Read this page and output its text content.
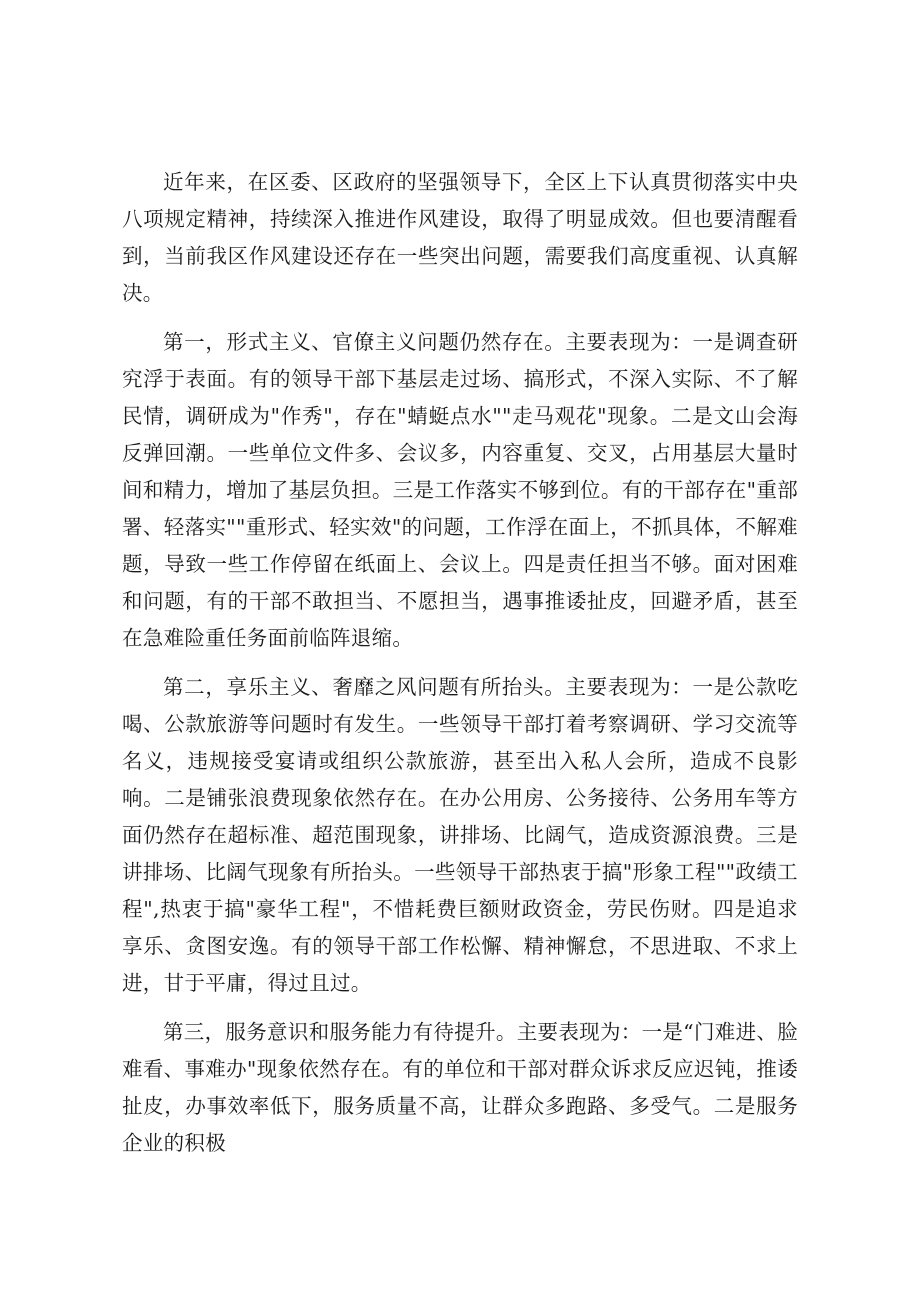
近年来，在区委、区政府的坚强领导下，全区上下认真贯彻落实中央八项规定精神，持续深入推进作风建设，取得了明显成效。但也要清醒看到，当前我区作风建设还存在一些突出问题，需要我们高度重视、认真解决。

第一，形式主义、官僚主义问题仍然存在。主要表现为：一是调查研究浮于表面。有的领导干部下基层走过场、搞形式，不深入实际、不了解民情，调研成为"作秀"，存在"蜻蜓点水""走马观花"现象。二是文山会海反弹回潮。一些单位文件多、会议多，内容重复、交叉，占用基层大量时间和精力，增加了基层负担。三是工作落实不够到位。有的干部存在"重部署、轻落实""重形式、轻实效"的问题，工作浮在面上，不抓具体，不解难题，导致一些工作停留在纸面上、会议上。四是责任担当不够。面对困难和问题，有的干部不敢担当、不愿担当，遇事推诿扯皮，回避矛盾，甚至在急难险重任务面前临阵退缩。

第二，享乐主义、奢靡之风问题有所抬头。主要表现为：一是公款吃喝、公款旅游等问题时有发生。一些领导干部打着考察调研、学习交流等名义，违规接受宴请或组织公款旅游，甚至出入私人会所，造成不良影响。二是铺张浪费现象依然存在。在办公用房、公务接待、公务用车等方面仍然存在超标准、超范围现象，讲排场、比阔气，造成资源浪费。三是讲排场、比阔气现象有所抬头。一些领导干部热衷于搞"形象工程""政绩工程",热衷于搞"豪华工程"，不惜耗费巨额财政资金，劳民伤财。四是追求享乐、贪图安逸。有的领导干部工作松懈、精神懈怠，不思进取、不求上进，甘于平庸，得过且过。

第三，服务意识和服务能力有待提升。主要表现为：一是“门难进、脸难看、事难办"现象依然存在。有的单位和干部对群众诉求反应迟钝，推诿扯皮，办事效率低下，服务质量不高，让群众多跑路、多受气。二是服务企业的积极
